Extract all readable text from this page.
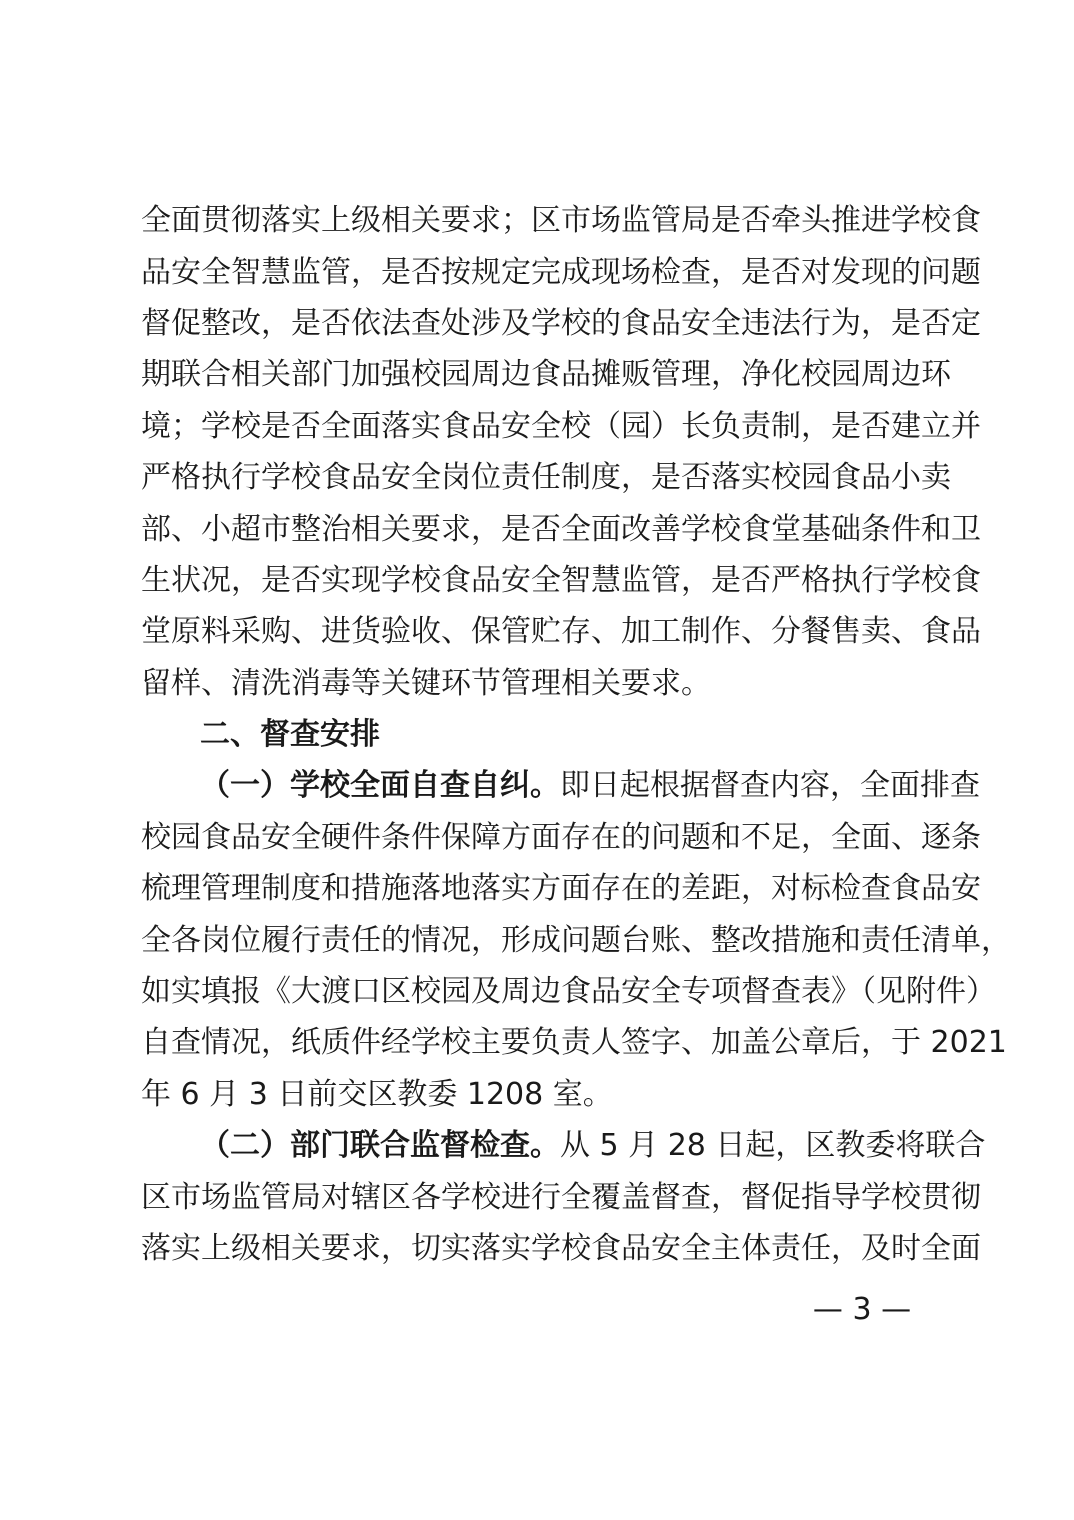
全面贯彻落实上级相关要求；区市场监管局是否牵头推进学校食
品安全智慧监管，是否按规定完成现场检查，是否对发现的问题
督促整改，是否依法查处涉及学校的食品安全违法行为，是否定
期联合相关部门加强校园周边食品摊贩管理，净化校园周边环
境；学校是否全面落实食品安全校（园）长负责制，是否建立并
严格执行学校食品安全岗位责任制度，是否落实校园食品小卖
部、小超市整治相关要求，是否全面改善学校食堂基础条件和卫
生状况，是否实现学校食品安全智慧监管，是否严格执行学校食
堂原料采购、进货验收、保管贮存、加工制作、分餐售卖、食品
留样、清洗消毒等关键环节管理相关要求。
二、督查安排
（一）学校全面自查自纠。即日起根据督查内容，全面排查
校园食品安全硬件条件保障方面存在的问题和不足，全面、逐条
梳理管理制度和措施落地落实方面存在的差距，对标检查食品安
全各岗位履行责任的情况，形成问题台账、整改措施和责任清单，
如实填报《大渡口区校园及周边食品安全专项督查表》（见附件）
自查情况，纸质件经学校主要负责人签字、加盖公章后，于 2021
年 6 月 3 日前交区教委 1208 室。
（二）部门联合监督检查。从 5 月 28 日起，区教委将联合
区市场监管局对辖区各学校进行全覆盖督查，督促指导学校贯彻
落实上级相关要求，切实落实学校食品安全主体责任，及时全面
— 3 —
